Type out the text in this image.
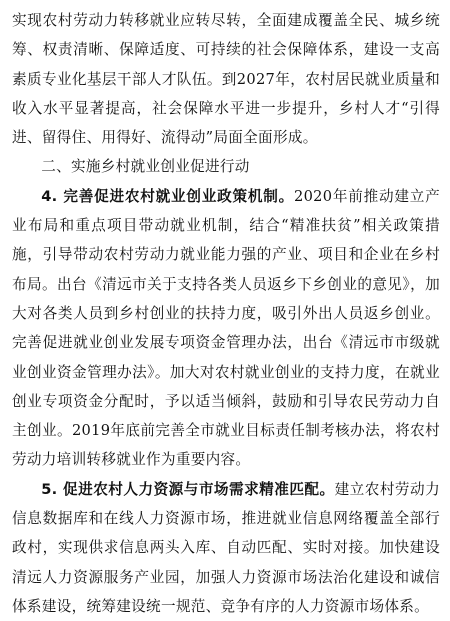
实现农村劳动力转移就业应转尽转，全面建成覆盖全民、城乡统筹、权责清晰、保障适度、可持续的社会保障体系，建设一支高素质专业化基层干部人才队伍。到2027年，农村居民就业质量和收入水平显著提高，社会保障水平进一步提升，乡村人才“引得进、留得住、用得好、流得动”局面全面形成。

二、实施乡村就业创业促进行动

4. 完善促进农村就业创业政策机制。2020年前推动建立产业布局和重点项目带动就业机制，结合“精准扶贫”相关政策措施，引导带动农村劳动力就业能力强的产业、项目和企业在乡村布局。出台《清远市关于支持各类人员返乡下乡创业的意见》，加大对各类人员到乡村创业的扶持力度，吸引外出人员返乡创业。完善促进就业创业发展专项资金管理办法，出台《清远市市级就业创业资金管理办法》。加大对农村就业创业的支持力度，在就业创业专项资金分配时，予以适当倾斜，鼓励和引导农民劳动力自主创业。2019年底前完善全市就业目标责任制考核办法，将农村劳动力培训转移就业作为重要内容。

5. 促进农村人力资源与市场需求精准匹配。建立农村劳动力信息数据库和在线人力资源市场，推进就业信息网络覆盖全部行政村，实现供求信息两头入库、自动匹配、实时对接。加快建设清远人力资源服务产业园，加强人力资源市场法治化建设和诚信体系建设，统筹建设统一规范、竞争有序的人力资源市场体系。
